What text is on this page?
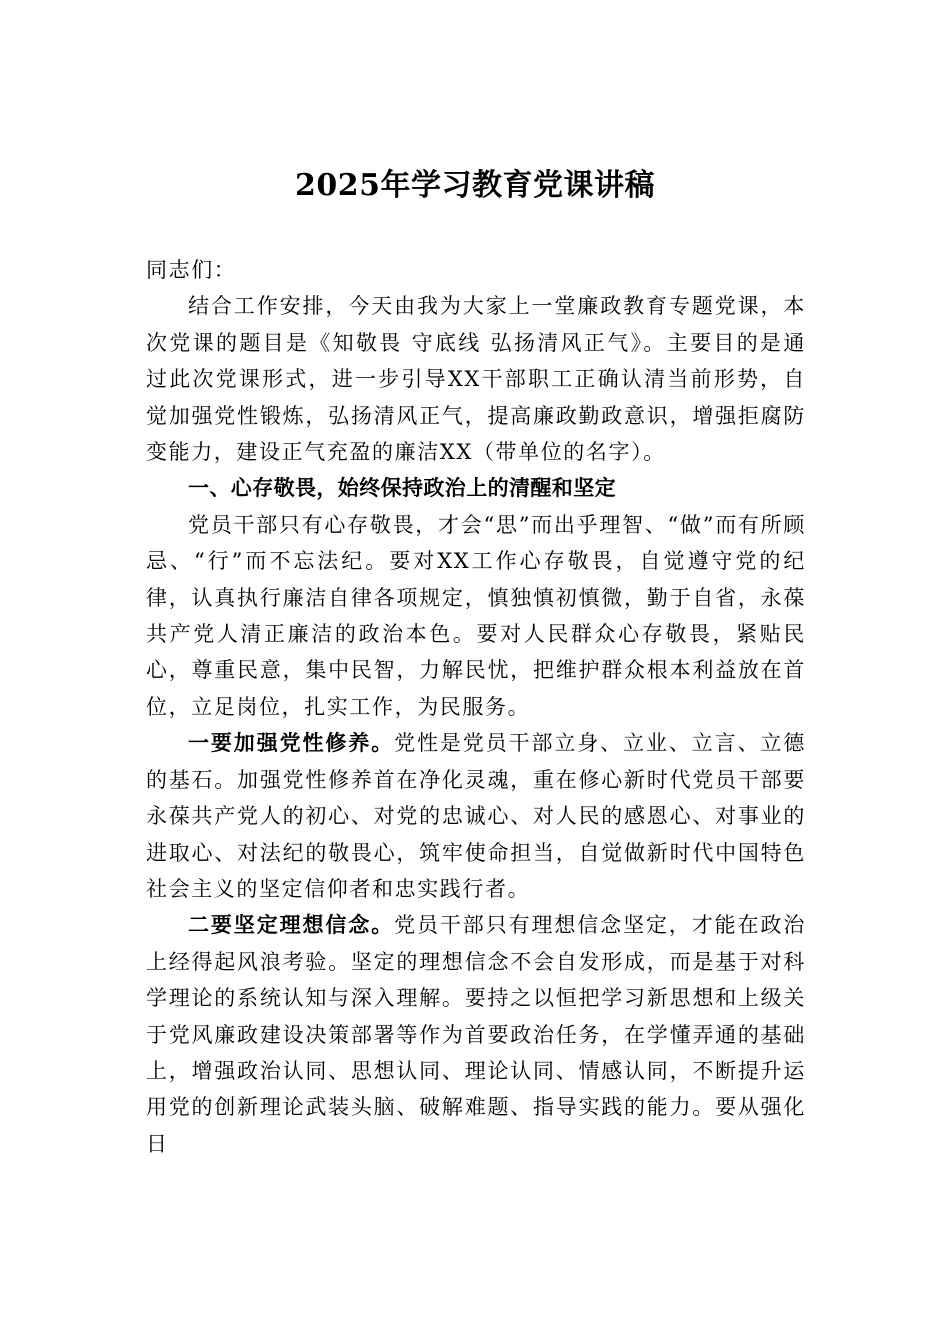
2025年学习教育党课讲稿

同志们：

结合工作安排，今天由我为大家上一堂廉政教育专题党课，本次党课的题目是《知敬畏 守底线 弘扬清风正气》。主要目的是通过此次党课形式，进一步引导XX干部职工正确认清当前形势，自觉加强党性锻炼，弘扬清风正气，提高廉政勤政意识，增强拒腐防变能力，建设正气充盈的廉洁XX（带单位的名字）。

一、心存敬畏，始终保持政治上的清醒和坚定

党员干部只有心存敬畏，才会“思”而出乎理智、“做”而有所顾忌、“行”而不忘法纪。要对XX工作心存敬畏，自觉遵守党的纪律，认真执行廉洁自律各项规定，慎独慎初慎微，勤于自省，永葆共产党人清正廉洁的政治本色。要对人民群众心存敬畏，紧贴民心，尊重民意，集中民智，力解民忧，把维护群众根本利益放在首位，立足岗位，扎实工作，为民服务。

一要加强党性修养。党性是党员干部立身、立业、立言、立德的基石。加强党性修养首在净化灵魂，重在修心新时代党员干部要永葆共产党人的初心、对党的忠诚心、对人民的感恩心、对事业的进取心、对法纪的敬畏心，筑牢使命担当，自觉做新时代中国特色社会主义的坚定信仰者和忠实践行者。

二要坚定理想信念。党员干部只有理想信念坚定，才能在政治上经得起风浪考验。坚定的理想信念不会自发形成，而是基于对科学理论的系统认知与深入理解。要持之以恒把学习新思想和上级关于党风廉政建设决策部署等作为首要政治任务，在学懂弄通的基础上，增强政治认同、思想认同、理论认同、情感认同，不断提升运用党的创新理论武装头脑、破解难题、指导实践的能力。要从强化日
